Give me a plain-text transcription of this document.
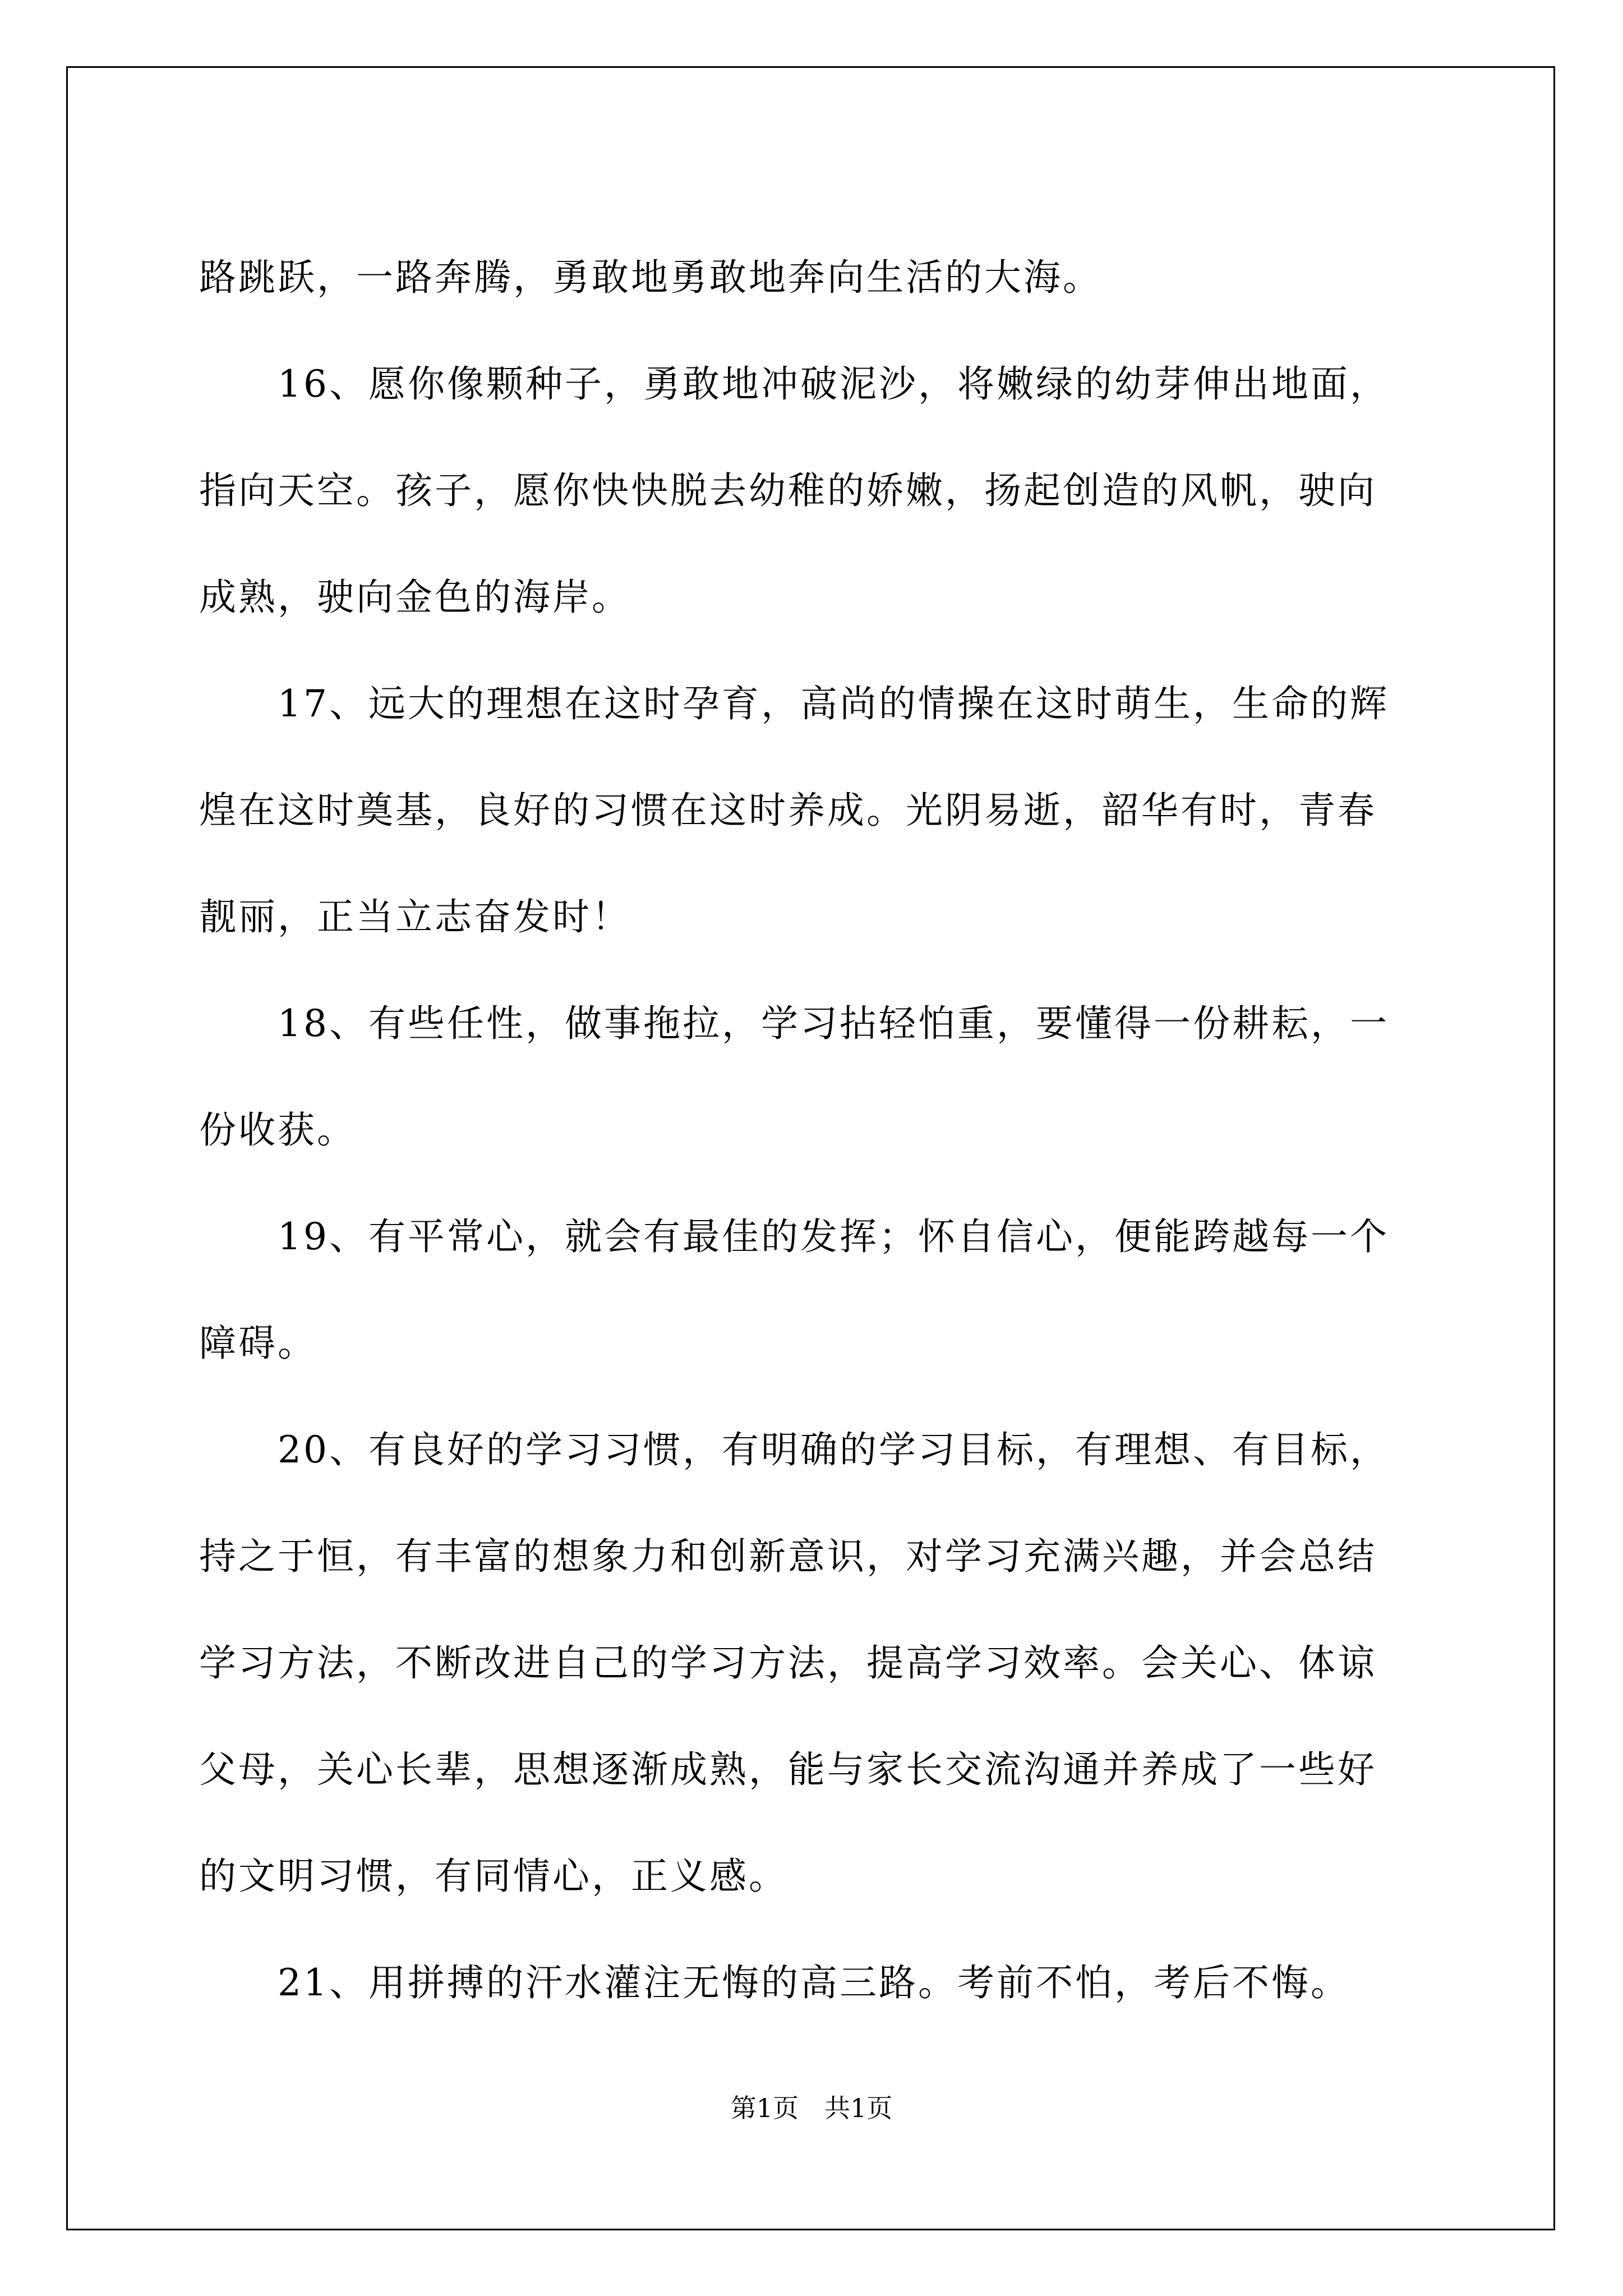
路跳跃，一路奔腾，勇敢地勇敢地奔向生活的大海。
　　16、愿你像颗种子，勇敢地冲破泥沙，将嫩绿的幼芽伸出地面，
指向天空。孩子，愿你快快脱去幼稚的娇嫩，扬起创造的风帆，驶向
成熟，驶向金色的海岸。
　　17、远大的理想在这时孕育，高尚的情操在这时萌生，生命的辉
煌在这时奠基，良好的习惯在这时养成。光阴易逝，韶华有时，青春
靓丽，正当立志奋发时！
　　18、有些任性，做事拖拉，学习拈轻怕重，要懂得一份耕耘，一
份收获。
　　19、有平常心，就会有最佳的发挥；怀自信心，便能跨越每一个
障碍。
　　20、有良好的学习习惯，有明确的学习目标，有理想、有目标，
持之于恒，有丰富的想象力和创新意识，对学习充满兴趣，并会总结
学习方法，不断改进自己的学习方法，提高学习效率。会关心、体谅
父母，关心长辈，思想逐渐成熟，能与家长交流沟通并养成了一些好
的文明习惯，有同情心，正义感。
　　21、用拼搏的汗水灌注无悔的高三路。考前不怕，考后不悔。
第1页　共1页
